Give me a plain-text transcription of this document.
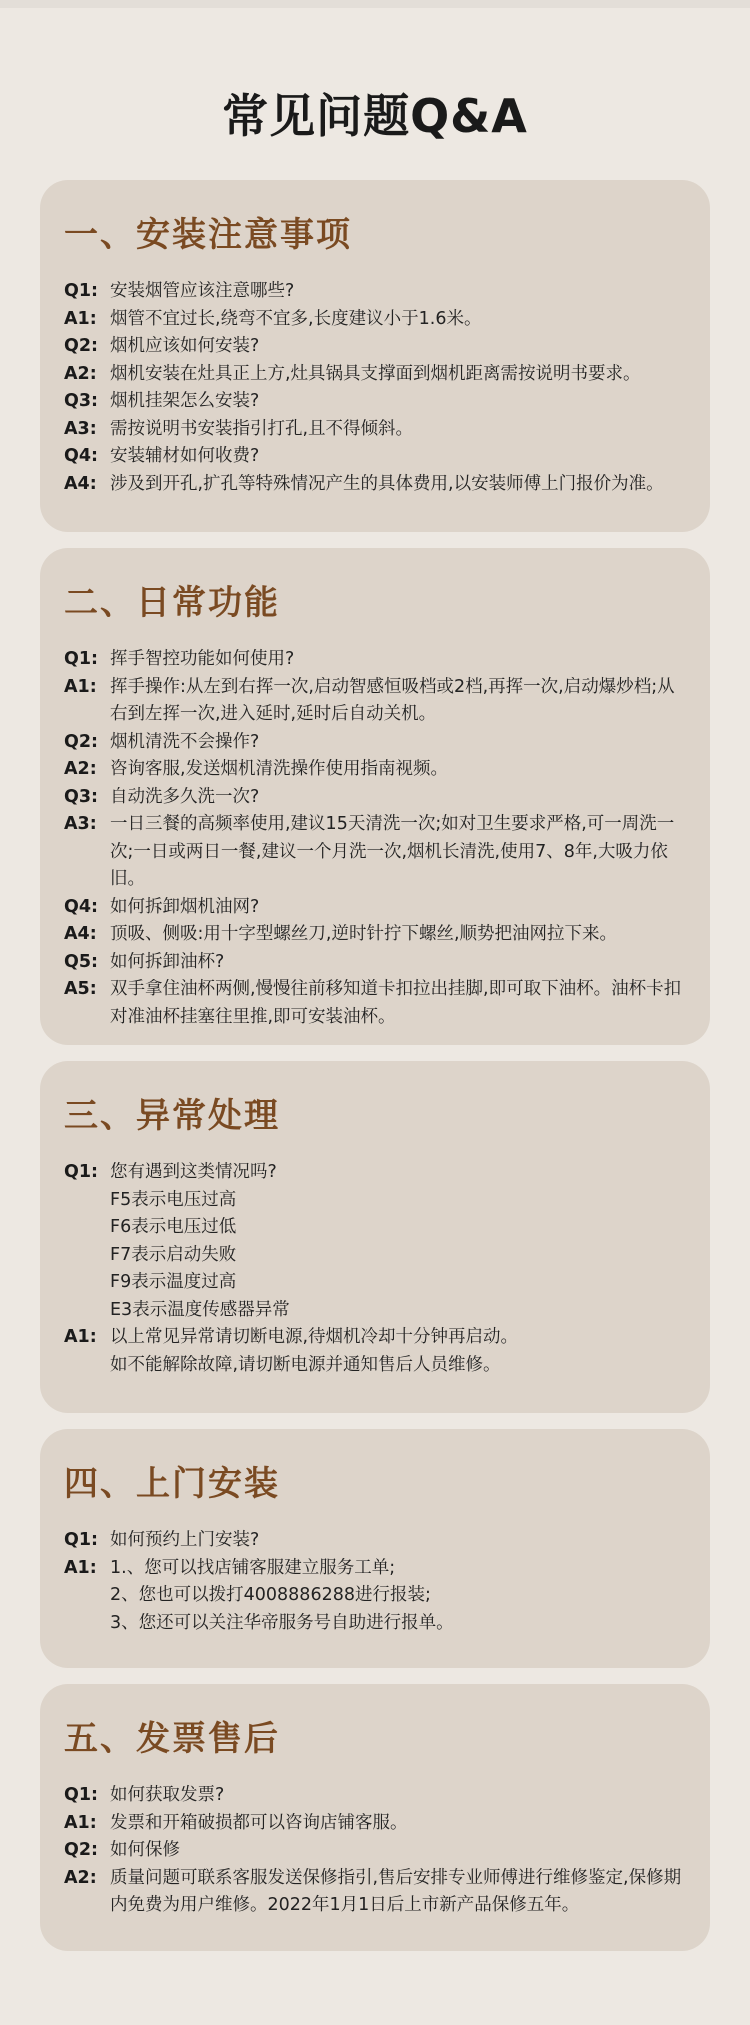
常见问题Q&A
一、安装注意事项
Q1: 安装烟管应该注意哪些?
A1: 烟管不宜过长,绕弯不宜多,长度建议小于1.6米。
Q2: 烟机应该如何安装?
A2: 烟机安装在灶具正上方,灶具锅具支撑面到烟机距离需按说明书要求。
Q3: 烟机挂架怎么安装?
A3: 需按说明书安装指引打孔,且不得倾斜。
Q4: 安装辅材如何收费?
A4: 涉及到开孔,扩孔等特殊情况产生的具体费用,以安装师傅上门报价为准。
二、日常功能
Q1: 挥手智控功能如何使用?
A1: 挥手操作:从左到右挥一次,启动智感恒吸档或2档,再挥一次,启动爆炒档;从右到左挥一次,进入延时,延时后自动关机。
Q2: 烟机清洗不会操作?
A2: 咨询客服,发送烟机清洗操作使用指南视频。
Q3: 自动洗多久洗一次?
A3: 一日三餐的高频率使用,建议15天清洗一次;如对卫生要求严格,可一周洗一次;一日或两日一餐,建议一个月洗一次,烟机长清洗,使用7、8年,大吸力依旧。
Q4: 如何拆卸烟机油网?
A4: 顶吸、侧吸:用十字型螺丝刀,逆时针拧下螺丝,顺势把油网拉下来。
Q5: 如何拆卸油杯?
A5: 双手拿住油杯两侧,慢慢往前移知道卡扣拉出挂脚,即可取下油杯。油杯卡扣对准油杯挂塞往里推,即可安装油杯。
三、异常处理
Q1: 您有遇到这类情况吗?
F5表示电压过高
F6表示电压过低
F7表示启动失败
F9表示温度过高
E3表示温度传感器异常
A1: 以上常见异常请切断电源,待烟机冷却十分钟再启动。
如不能解除故障,请切断电源并通知售后人员维修。
四、上门安装
Q1: 如何预约上门安装?
A1: 1.、您可以找店铺客服建立服务工单;
2、您也可以拨打4008886288进行报装;
3、您还可以关注华帝服务号自助进行报单。
五、发票售后
Q1: 如何获取发票?
A1: 发票和开箱破损都可以咨询店铺客服。
Q2: 如何保修
A2: 质量问题可联系客服发送保修指引,售后安排专业师傅进行维修鉴定,保修期内免费为用户维修。2022年1月1日后上市新产品保修五年。
